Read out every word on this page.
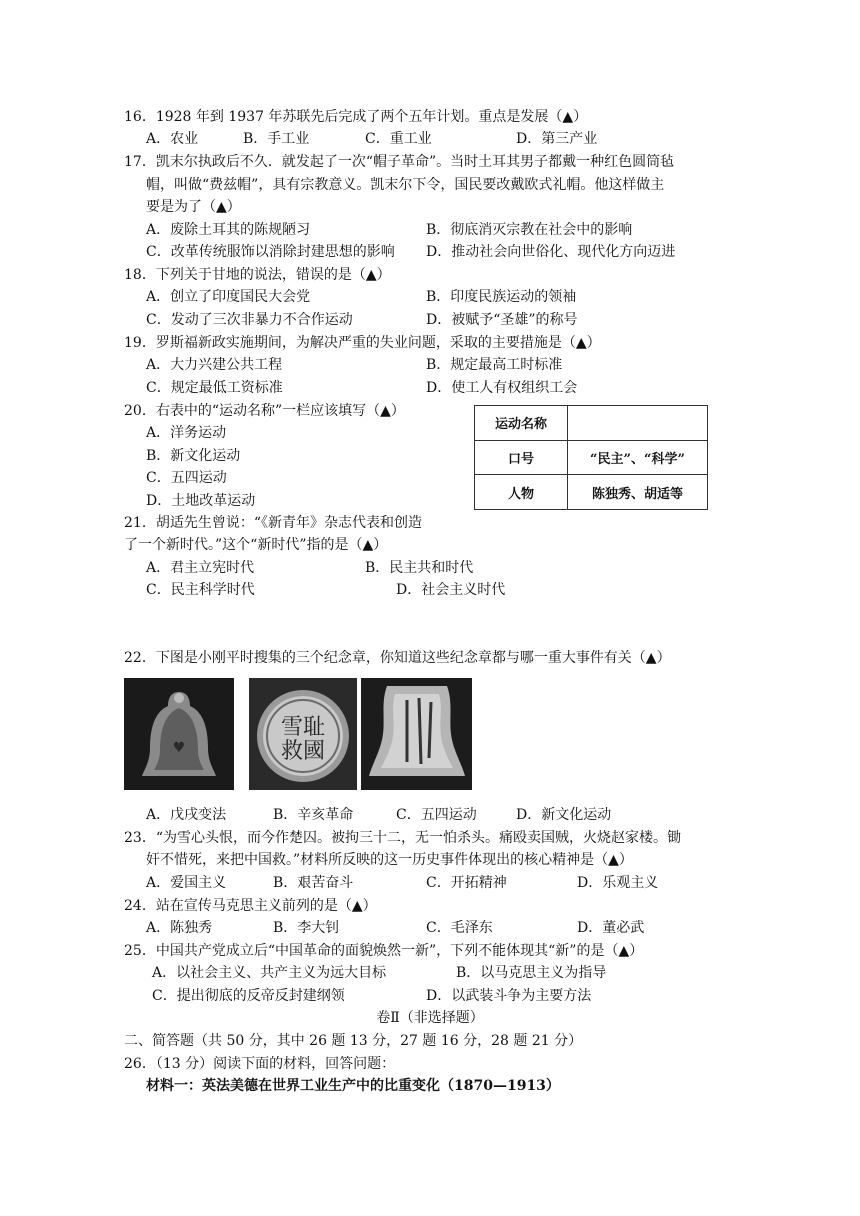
16．1928 年到 1937 年苏联先后完成了两个五年计划。重点是发展（▲）
A．农业	B．手工业	C．重工业	D．第三产业
17．凯末尔执政后不久．就发起了一次“帽子革命”。当时土耳其男子都戴一种红色圆筒毡
帽，叫做“费兹帽”，具有宗教意义。凯末尔下令，国民要改戴欧式礼帽。他这样做主
要是为了（▲）
A．废除土耳其的陈规陋习	B．彻底消灭宗教在社会中的影响
C．改革传统服饰以消除封建思想的影响 D．推动社会向世俗化、现代化方向迈进
18．下列关于甘地的说法，错误的是（▲）
A．创立了印度国民大会党	B．印度民族运动的领袖
C．发动了三次非暴力不合作运动	D．被赋予“圣雄”的称号
19．罗斯福新政实施期间，为解决严重的失业问题，采取的主要措施是（▲）
A．大力兴建公共工程	B．规定最高工时标准
C．规定最低工资标准	D．使工人有权组织工会
20．右表中的“运动名称”一栏应该填写（▲）
A．洋务运动
B．新文化运动
C．五四运动
D．土地改革运动
运动名称	
口号	“民主”、“科学”
人物	陈独秀、胡适等
21．胡适先生曾说：“《新青年》杂志代表和创造
了一个新时代。”这个“新时代”指的是（▲）
A．君主立宪时代	B．民主共和时代
C．民主科学时代	D．社会主义时代
22．下图是小刚平时搜集的三个纪念章，你知道这些纪念章都与哪一重大事件有关（▲）
♥
雪耻
救國
A．戊戌变法	B．辛亥革命	C．五四运动	D．新文化运动
23．“为雪心头恨，而今作楚囚。被拘三十二，无一怕杀头。痛殴卖国贼，火烧赵家楼。锄
奸不惜死，来把中国救。”材料所反映的这一历史事件体现出的核心精神是（▲）
A．爱国主义	B．艰苦奋斗	C．开拓精神	D．乐观主义
24．站在宣传马克思主义前列的是（▲）
A．陈独秀	B．李大钊	C．毛泽东	D．董必武
25．中国共产党成立后“中国革命的面貌焕然一新”，下列不能体现其“新”的是（▲）
A．以社会主义、共产主义为远大目标	B．以马克思主义为指导
C．提出彻底的反帝反封建纲领	D．以武装斗争为主要方法
卷Ⅱ（非选择题）
二、简答题（共 50 分，其中 26 题 13 分，27 题 16 分，28 题 21 分）
26．（13 分）阅读下面的材料，回答问题：
材料一：英法美德在世界工业生产中的比重变化（1870—1913）
